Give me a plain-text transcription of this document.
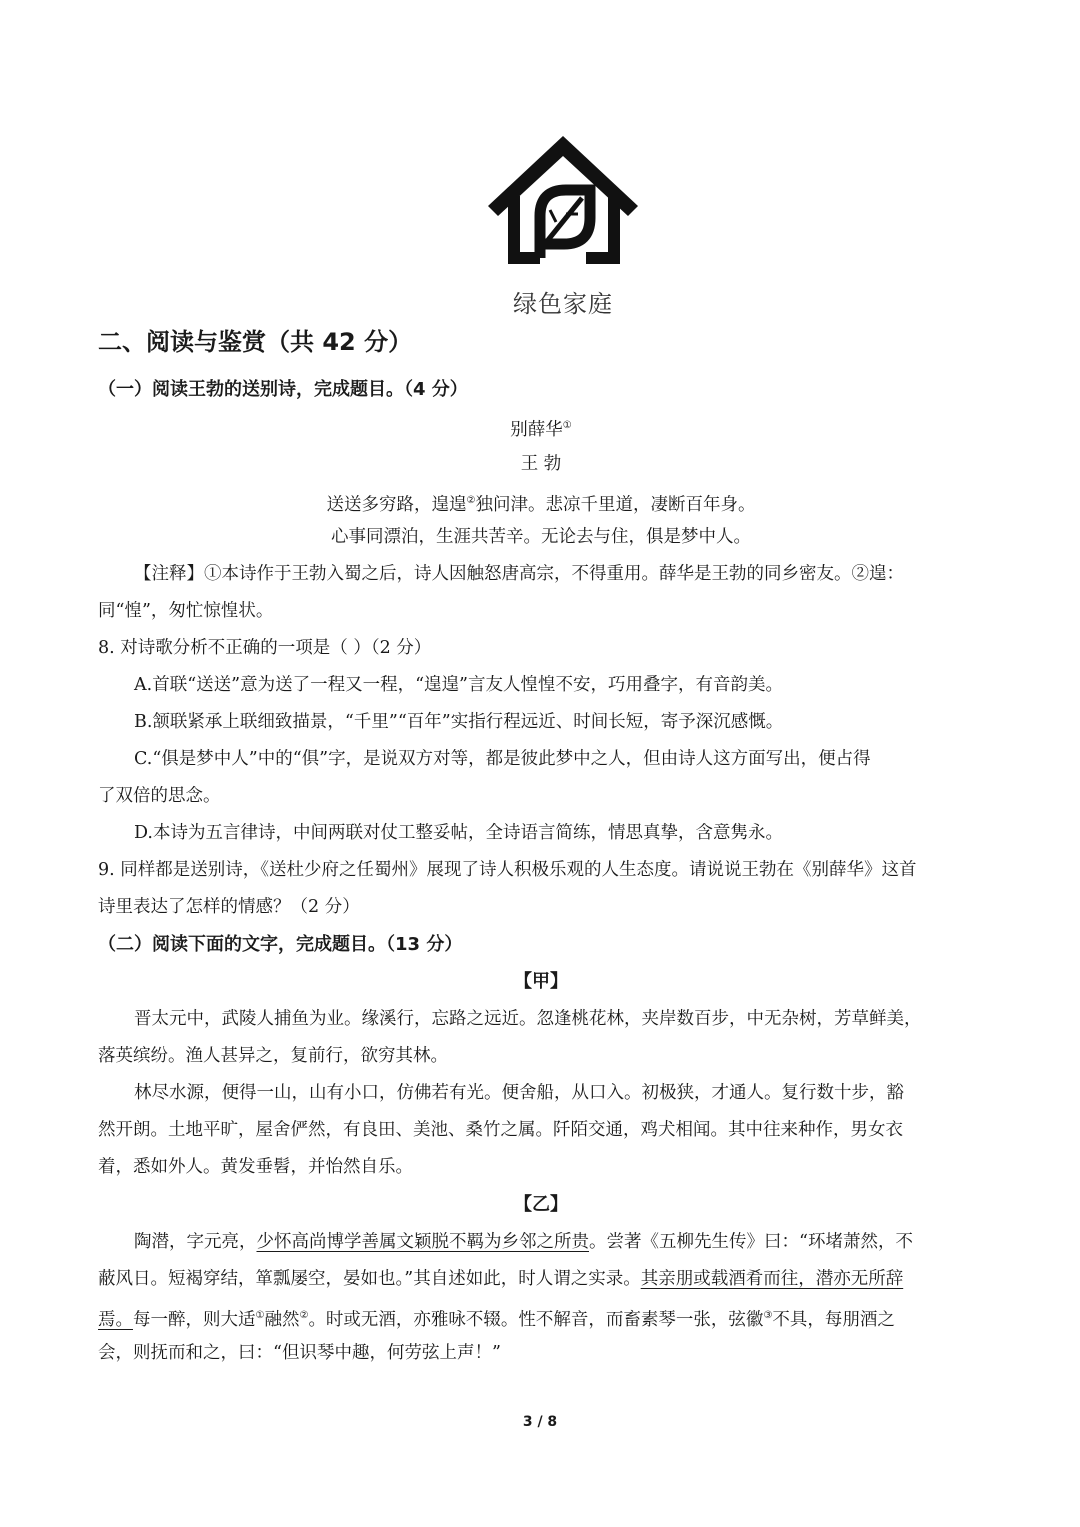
绿色家庭
二、阅读与鉴赏（共 42 分）
（一）阅读王勃的送别诗，完成题目。（4 分）
别薛华①
王 勃
送送多穷路，遑遑②独问津。悲凉千里道，凄断百年身。
心事同漂泊，生涯共苦辛。无论去与住，俱是梦中人。
【注释】①本诗作于王勃入蜀之后，诗人因触怒唐高宗，不得重用。薛华是王勃的同乡密友。②遑：
同“惶”，匆忙惊惶状。
8. 对诗歌分析不正确的一项是（ ）（2 分）
A.首联“送送”意为送了一程又一程，“遑遑”言友人惶惶不安，巧用叠字，有音韵美。
B.颔联紧承上联细致描景，“千里”“百年”实指行程远近、时间长短，寄予深沉感慨。
C.“俱是梦中人”中的“俱”字，是说双方对等，都是彼此梦中之人，但由诗人这方面写出，便占得
了双倍的思念。
D.本诗为五言律诗，中间两联对仗工整妥帖，全诗语言简练，情思真挚，含意隽永。
9. 同样都是送别诗，《送杜少府之任蜀州》展现了诗人积极乐观的人生态度。请说说王勃在《别薛华》这首
诗里表达了怎样的情感？（2 分）
（二）阅读下面的文字，完成题目。（13 分）
【甲】
晋太元中，武陵人捕鱼为业。缘溪行，忘路之远近。忽逢桃花林，夹岸数百步，中无杂树，芳草鲜美，
落英缤纷。渔人甚异之，复前行，欲穷其林。
林尽水源，便得一山，山有小口，仿佛若有光。便舍船，从口入。初极狭，才通人。复行数十步，豁
然开朗。土地平旷，屋舍俨然，有良田、美池、桑竹之属。阡陌交通，鸡犬相闻。其中往来种作，男女衣
着，悉如外人。黄发垂髫，并怡然自乐。
【乙】
陶潜，字元亮，少怀高尚博学善属文颖脱不羁为乡邻之所贵。尝著《五柳先生传》曰：“环堵萧然，不
蔽风日。短褐穿结，箪瓢屡空，晏如也。”其自述如此，时人谓之实录。其亲朋或载酒肴而往，潜亦无所辞
焉。每一醉，则大适①融然②。时或无酒，亦雅咏不辍。性不解音，而畜素琴一张，弦徽③不具，每朋酒之
会，则抚而和之，曰：“但识琴中趣，何劳弦上声！”
3 / 8
